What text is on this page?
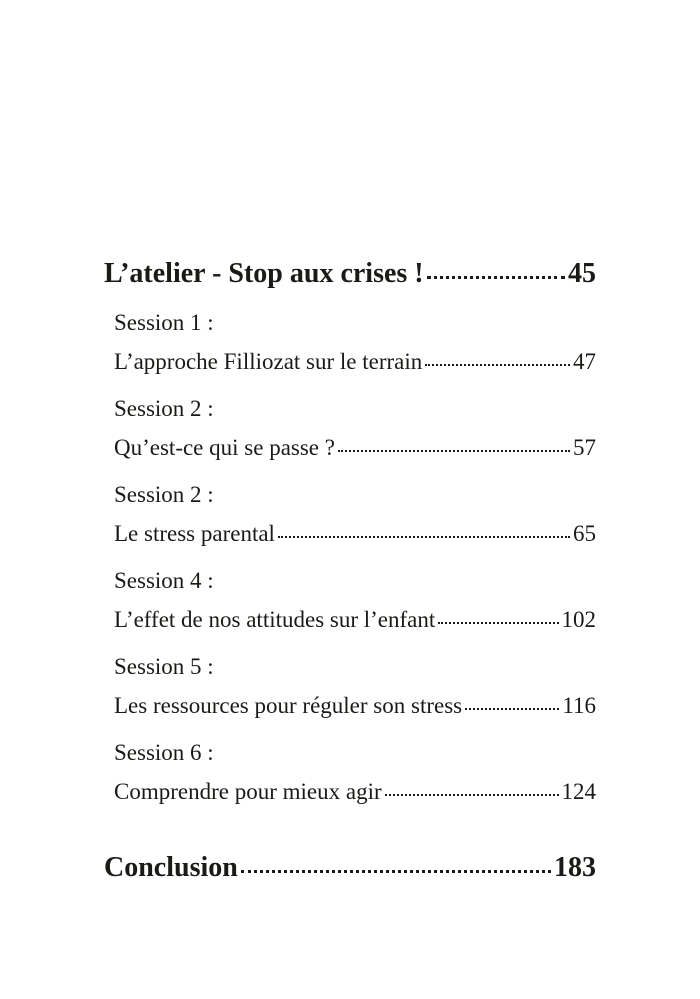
L’atelier - Stop aux crises !	45
Session 1 :
L’approche Filliozat sur le terrain	47
Session 2 :
Qu’est-ce qui se passe ?	57
Session 2 :
Le stress parental	65
Session 4 :
L’effet de nos attitudes sur l’enfant	102
Session 5 :
Les ressources pour réguler son stress	116
Session 6 :
Comprendre pour mieux agir	124
Conclusion	183
